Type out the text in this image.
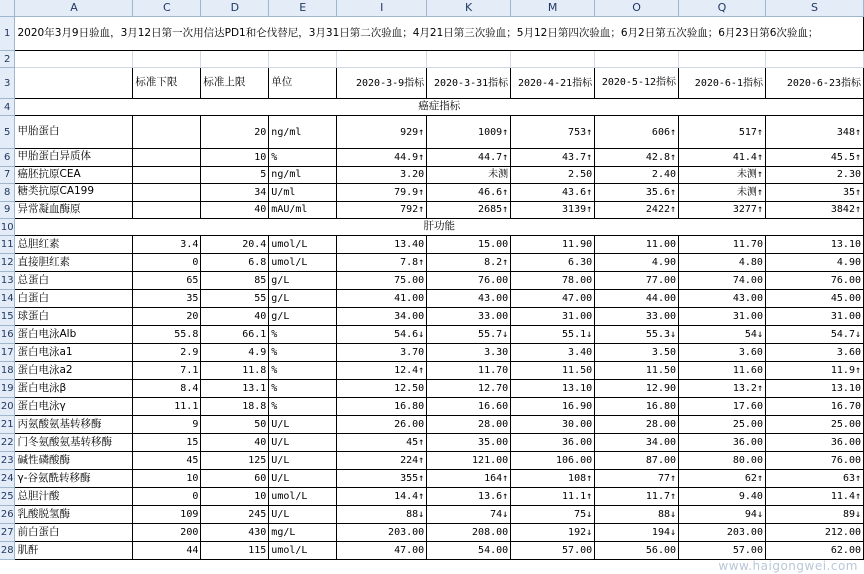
	A	C	D	E	I	K	M	O	Q	S
1	2020年3月9日验血，3月12日第一次用信达PD1和仑伐替尼，3月31日第二次验血；4月21日第三次验血；5月12日第四次验血；6月2日第五次验血；6月23日第6次验血；									
2										
3		标准下限	标准上限	单位	2020-3-9指标	2020-3-31指标	2020-4-21指标	2020-5-12指标	2020-6-1指标	2020-6-23指标
4	癌症指标									
5	甲胎蛋白		20	ng/ml	929↑	1009↑	753↑	606↑	517↑	348↑
6	甲胎蛋白异质体		10	%	44.9↑	44.7↑	43.7↑	42.8↑	41.4↑	45.5↑
7	癌胚抗原CEA		5	ng/ml	3.20	未测	2.50	2.40	未测↑	2.30
8	糖类抗原CA199		34	U/ml	79.9↑	46.6↑	43.6↑	35.6↑	未测↑	35↑
9	异常凝血酶原		40	mAU/ml	792↑	2685↑	3139↑	2422↑	3277↑	3842↑
10	肝功能									
11	总胆红素	3.4	20.4	umol/L	13.40	15.00	11.90	11.00	11.70	13.10
12	直接胆红素	0	6.8	umol/L	7.8↑	8.2↑	6.30	4.90	4.80	4.90
13	总蛋白	65	85	g/L	75.00	76.00	78.00	77.00	74.00	76.00
14	白蛋白	35	55	g/L	41.00	43.00	47.00	44.00	43.00	45.00
15	球蛋白	20	40	g/L	34.00	33.00	31.00	33.00	31.00	31.00
16	蛋白电泳Alb	55.8	66.1	%	54.6↓	55.7↓	55.1↓	55.3↓	54↓	54.7↓
17	蛋白电泳a1	2.9	4.9	%	3.70	3.30	3.40	3.50	3.60	3.60
18	蛋白电泳a2	7.1	11.8	%	12.4↑	11.70	11.50	11.50	11.60	11.9↑
19	蛋白电泳β	8.4	13.1	%	12.50	12.70	13.10	12.90	13.2↑	13.10
20	蛋白电泳γ	11.1	18.8	%	16.80	16.60	16.90	16.80	17.60	16.70
21	丙氨酸氨基转移酶	9	50	U/L	26.00	28.00	30.00	28.00	25.00	25.00
22	门冬氨酸氨基转移酶	15	40	U/L	45↑	35.00	36.00	34.00	36.00	36.00
23	碱性磷酸酶	45	125	U/L	224↑	121.00	106.00	87.00	80.00	76.00
24	γ-谷氨酰转移酶	10	60	U/L	355↑	164↑	108↑	77↑	62↑	63↑
25	总胆汁酸	0	10	umol/L	14.4↑	13.6↑	11.1↑	11.7↑	9.40	11.4↑
26	乳酸脱氢酶	109	245	U/L	88↓	74↓	75↓	88↓	94↓	89↓
27	前白蛋白	200	430	mg/L	203.00	208.00	192↓	194↓	203.00	212.00
28	肌酐	44	115	umol/L	47.00	54.00	57.00	56.00	57.00	62.00
www.haigongwei.com
